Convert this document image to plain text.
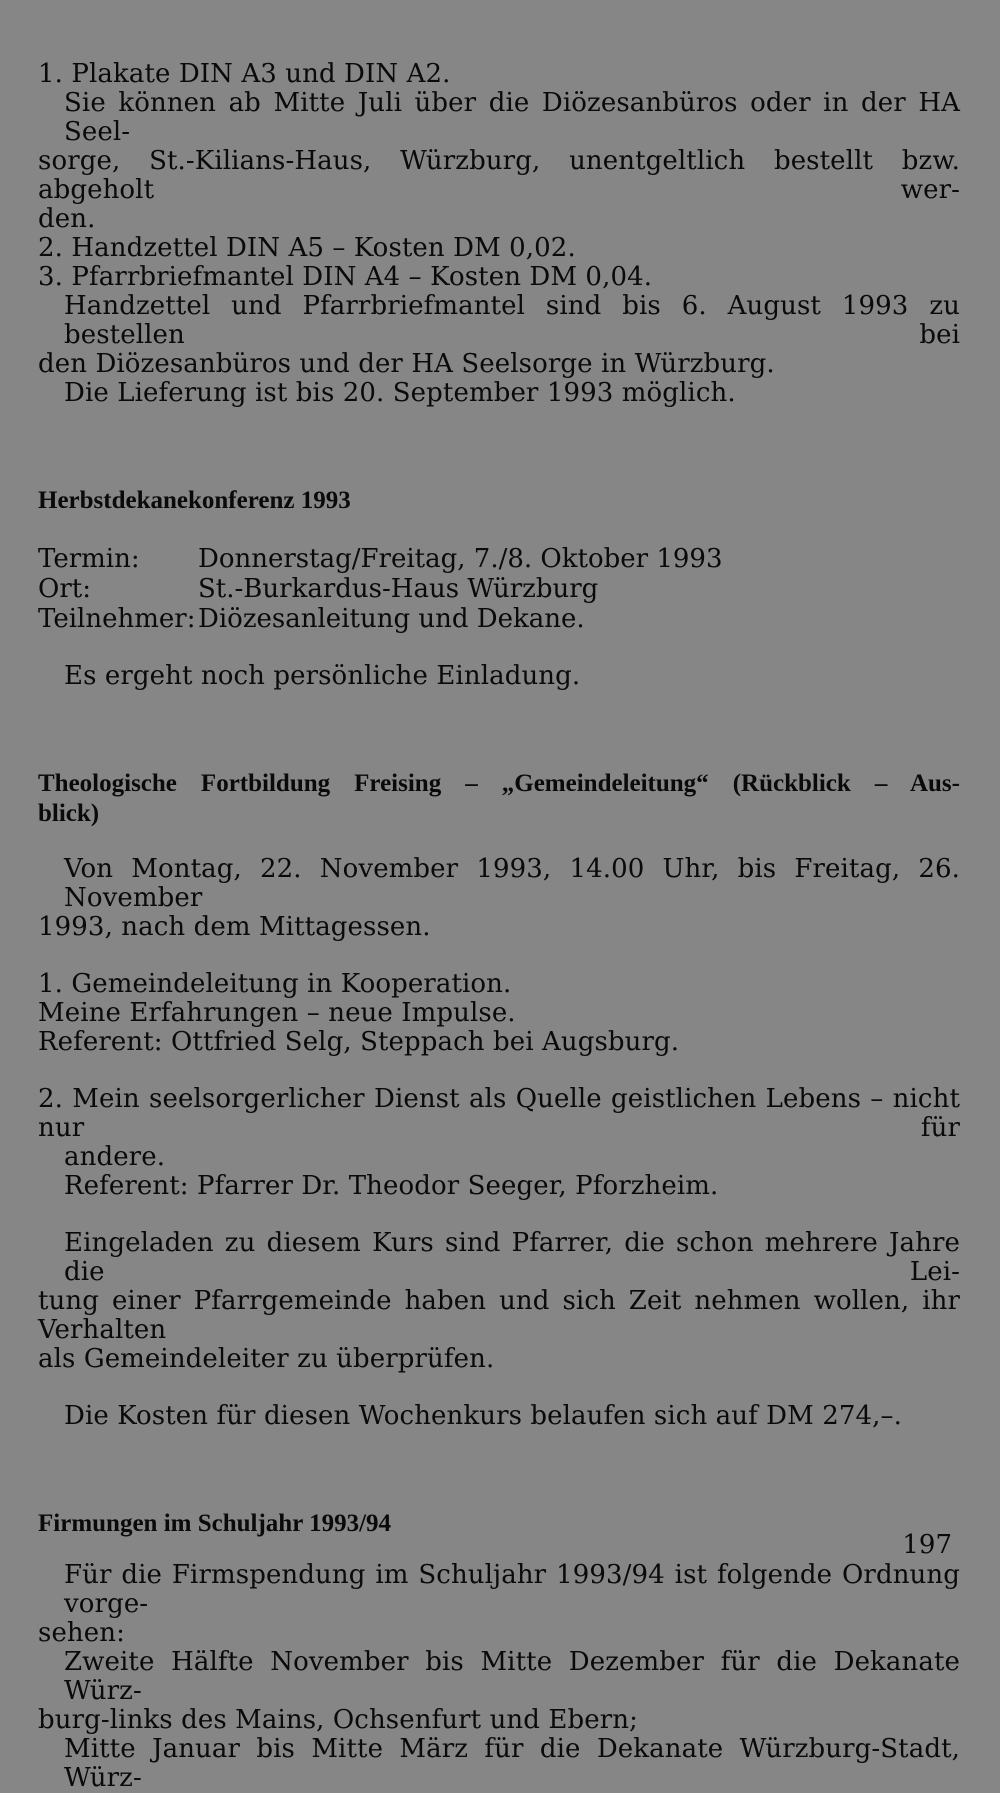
1. Plakate DIN A3 und DIN A2.
Sie können ab Mitte Juli über die Diözesanbüros oder in der HA Seel-
sorge, St.-Kilians-Haus, Würzburg, unentgeltlich bestellt bzw. abgeholt wer-
den.
2. Handzettel DIN A5 – Kosten DM 0,02.
3. Pfarrbriefmantel DIN A4 – Kosten DM 0,04.
Handzettel und Pfarrbriefmantel sind bis 6. August 1993 zu bestellen bei
den Diözesanbüros und der HA Seelsorge in Würzburg.
Die Lieferung ist bis 20. September 1993 möglich.
Herbstdekanekonferenz 1993
Termin:	Donnerstag/Freitag, 7./8. Oktober 1993
Ort:	St.-Burkardus-Haus Würzburg
Teilnehmer: Diözesanleitung und Dekane.
Es ergeht noch persönliche Einladung.
Theologische Fortbildung Freising – „Gemeindeleitung“ (Rückblick – Aus-
blick)
Von Montag, 22. November 1993, 14.00 Uhr, bis Freitag, 26. November
1993, nach dem Mittagessen.
1. Gemeindeleitung in Kooperation.
Meine Erfahrungen – neue Impulse.
Referent: Ottfried Selg, Steppach bei Augsburg.
2. Mein seelsorgerlicher Dienst als Quelle geistlichen Lebens – nicht nur für
andere.
Referent: Pfarrer Dr. Theodor Seeger, Pforzheim.
Eingeladen zu diesem Kurs sind Pfarrer, die schon mehrere Jahre die Lei-
tung einer Pfarrgemeinde haben und sich Zeit nehmen wollen, ihr Verhalten
als Gemeindeleiter zu überprüfen.
Die Kosten für diesen Wochenkurs belaufen sich auf DM 274,–.
Firmungen im Schuljahr 1993/94
Für die Firmspendung im Schuljahr 1993/94 ist folgende Ordnung vorge-
sehen:
Zweite Hälfte November bis Mitte Dezember für die Dekanate Würz-
burg-links des Mains, Ochsenfurt und Ebern;
Mitte Januar bis Mitte März für die Dekanate Würzburg-Stadt, Würz-
197
